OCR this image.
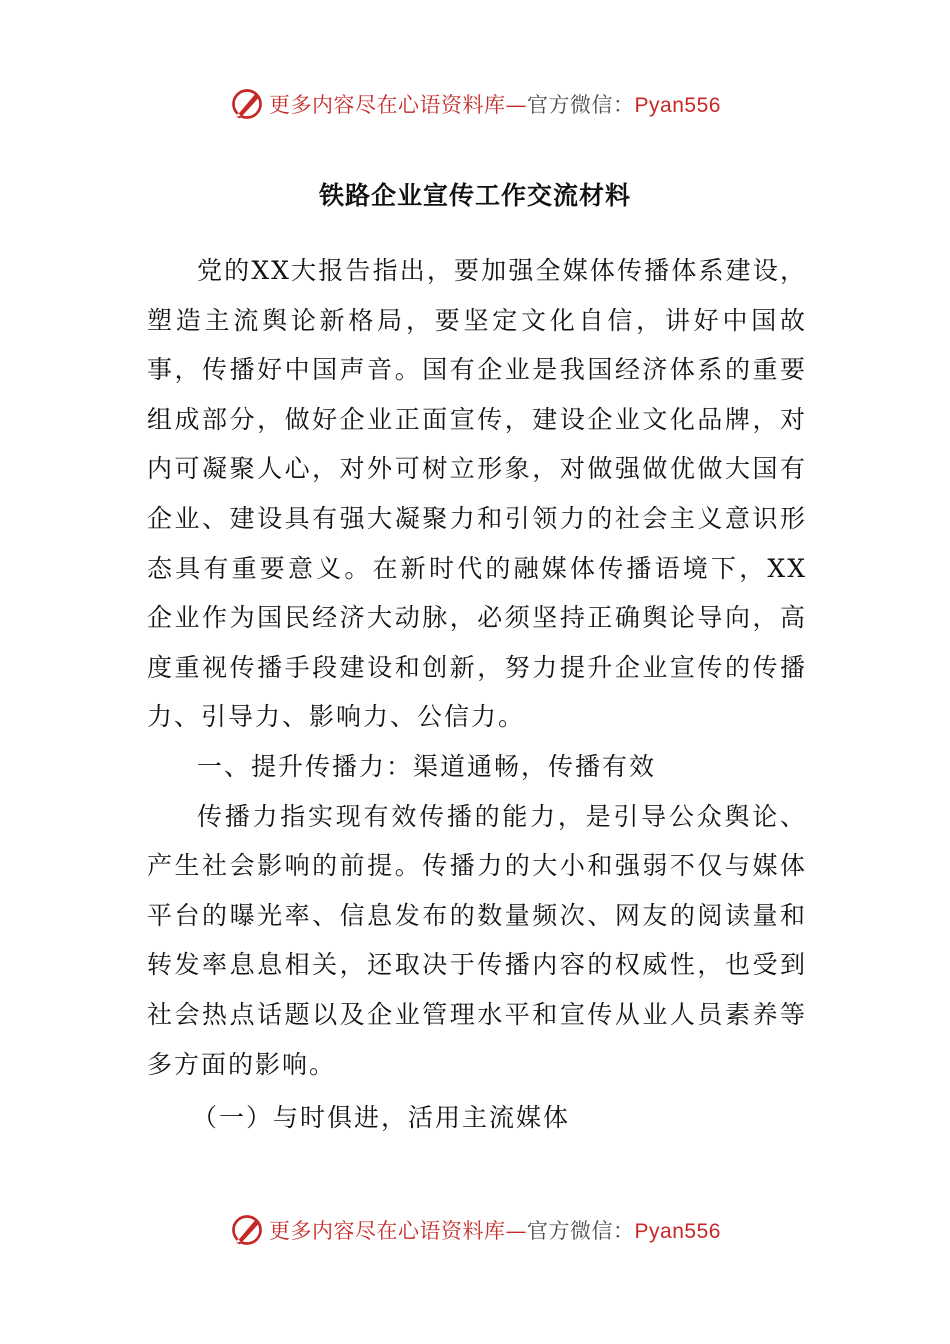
更多内容尽在心语资料库—官方微信：Pyan556
铁路企业宣传工作交流材料

党的XX大报告指出，要加强全媒体传播体系建设，塑造主流舆论新格局，要坚定文化自信，讲好中国故事，传播好中国声音。国有企业是我国经济体系的重要组成部分，做好企业正面宣传，建设企业文化品牌，对内可凝聚人心，对外可树立形象，对做强做优做大国有企业、建设具有强大凝聚力和引领力的社会主义意识形态具有重要意义。在新时代的融媒体传播语境下，XX企业作为国民经济大动脉，必须坚持正确舆论导向，高度重视传播手段建设和创新，努力提升企业宣传的传播力、引导力、影响力、公信力。

一、提升传播力：渠道通畅，传播有效

传播力指实现有效传播的能力，是引导公众舆论、产生社会影响的前提。传播力的大小和强弱不仅与媒体平台的曝光率、信息发布的数量频次、网友的阅读量和转发率息息相关，还取决于传播内容的权威性，也受到社会热点话题以及企业管理水平和宣传从业人员素养等多方面的影响。

（一）与时俱进，活用主流媒体

更多内容尽在心语资料库—官方微信：Pyan556
